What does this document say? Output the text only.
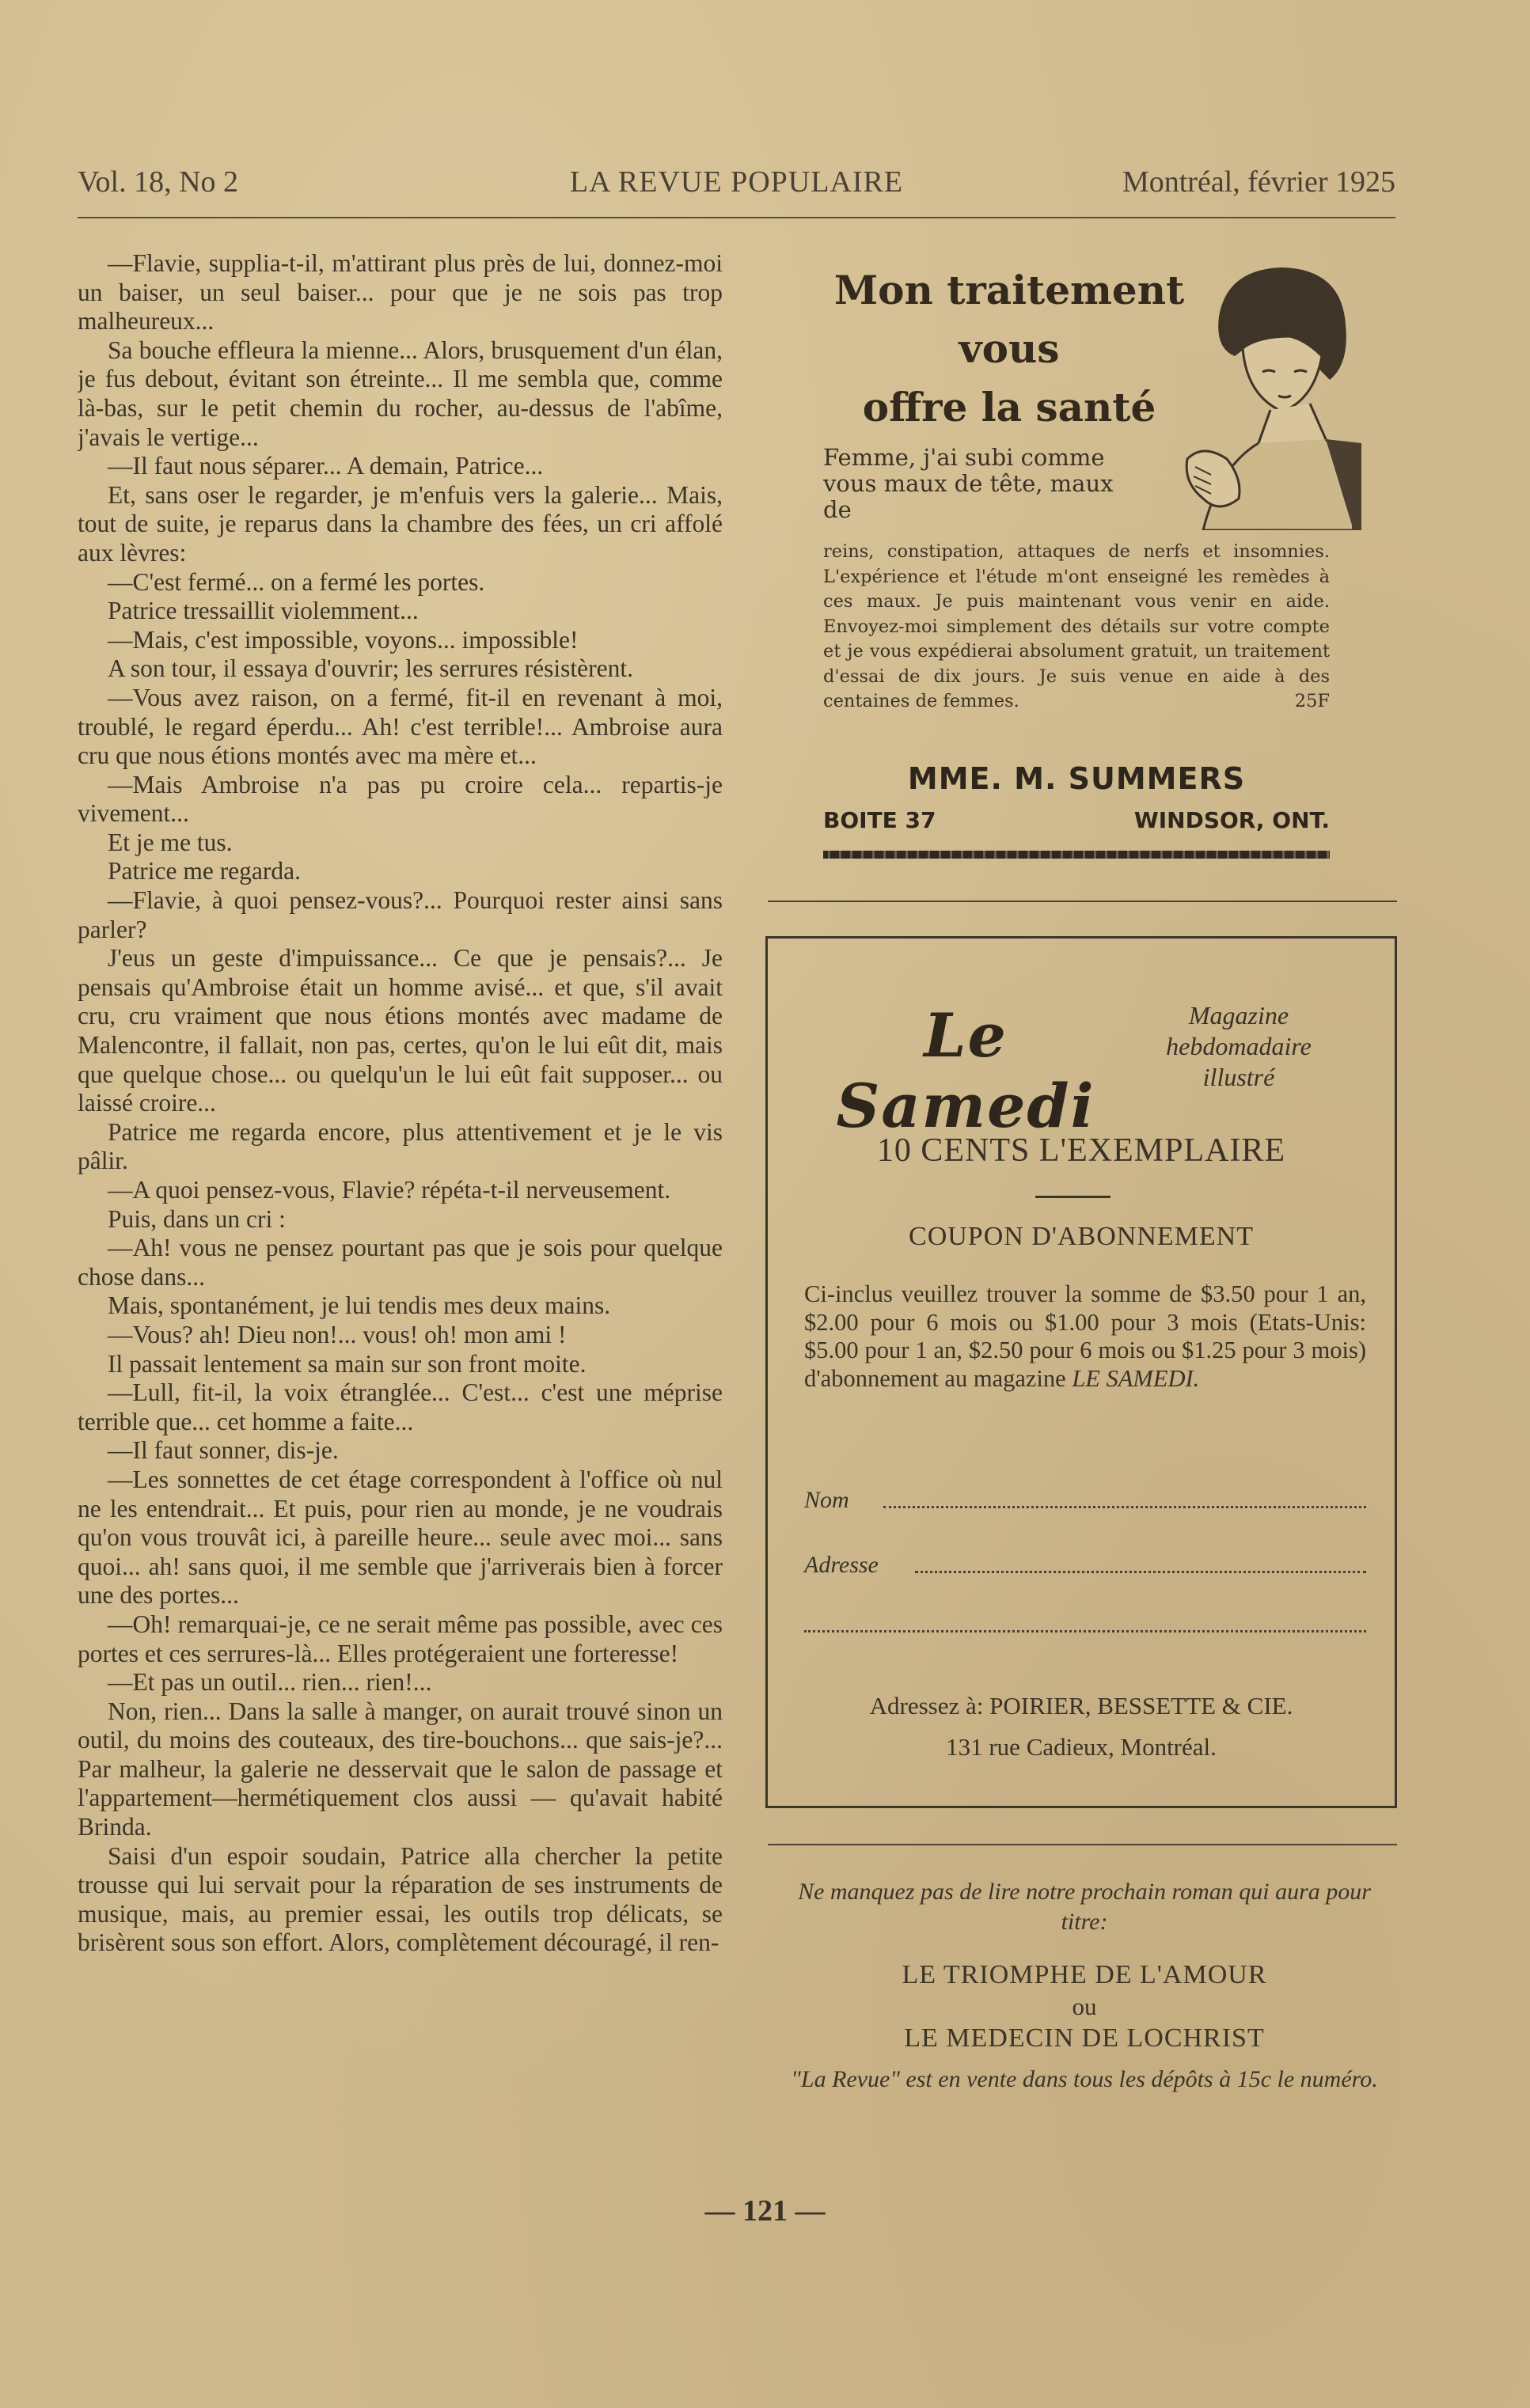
Vol. 18, No 2	LA REVUE POPULAIRE	Montréal, février 1925

—Flavie, supplia-t-il, m'attirant plus près de lui, donnez-moi un baiser, un seul baiser... pour que je ne sois pas trop malheureux...

Sa bouche effleura la mienne... Alors, brusquement d'un élan, je fus debout, évitant son étreinte... Il me sembla que, comme là-bas, sur le petit chemin du rocher, au-dessus de l'abîme, j'avais le vertige...

—Il faut nous séparer... A demain, Patrice...

Et, sans oser le regarder, je m'enfuis vers la galerie... Mais, tout de suite, je reparus dans la chambre des fées, un cri affolé aux lèvres:

—C'est fermé... on a fermé les portes.

Patrice tressaillit violemment...

—Mais, c'est impossible, voyons... impossible!

A son tour, il essaya d'ouvrir; les serrures résistèrent.

—Vous avez raison, on a fermé, fit-il en revenant à moi, troublé, le regard éperdu... Ah! c'est terrible!... Ambroise aura cru que nous étions montés avec ma mère et...

—Mais Ambroise n'a pas pu croire cela... repartis-je vivement...

Et je me tus.

Patrice me regarda.

—Flavie, à quoi pensez-vous?... Pourquoi rester ainsi sans parler?

J'eus un geste d'impuissance... Ce que je pensais?... Je pensais qu'Ambroise était un homme avisé... et que, s'il avait cru, cru vraiment que nous étions montés avec madame de Malencontre, il fallait, non pas, certes, qu'on le lui eût dit, mais que quelque chose... ou quelqu'un le lui eût fait supposer... ou laissé croire...

Patrice me regarda encore, plus attentivement et je le vis pâlir.

—A quoi pensez-vous, Flavie? répéta-t-il nerveusement.

Puis, dans un cri :

—Ah! vous ne pensez pourtant pas que je sois pour quelque chose dans...

Mais, spontanément, je lui tendis mes deux mains.

—Vous? ah! Dieu non!... vous! oh! mon ami !

Il passait lentement sa main sur son front moite.

—Lull, fit-il, la voix étranglée... C'est... c'est une méprise terrible que... cet homme a faite...

—Il faut sonner, dis-je.

—Les sonnettes de cet étage correspondent à l'office où nul ne les entendrait... Et puis, pour rien au monde, je ne voudrais qu'on vous trouvât ici, à pareille heure... seule avec moi... sans quoi... ah! sans quoi, il me semble que j'arriverais bien à forcer une des portes...

—Oh! remarquai-je, ce ne serait même pas possible, avec ces portes et ces serrures-là... Elles protégeraient une forteresse!

—Et pas un outil... rien... rien!...

Non, rien... Dans la salle à manger, on aurait trouvé sinon un outil, du moins des couteaux, des tire-bouchons... que sais-je?... Par malheur, la galerie ne desservait que le salon de passage et l'appartement—hermétiquement clos aussi — qu'avait habité Brinda.

Saisi d'un espoir soudain, Patrice alla chercher la petite trousse qui lui servait pour la réparation de ses instruments de musique, mais, au premier essai, les outils trop délicats, se brisèrent sous son effort. Alors, complètement découragé, il ren-

Mon traitement
vous
offre la santé
Femme, j'ai subi comme vous maux de tête, maux de
reins, constipation, attaques de nerfs et insomnies. L'expérience et l'étude m'ont enseigné les remèdes à ces maux. Je puis maintenant vous venir en aide. Envoyez-moi simplement des détails sur votre compte et je vous expédierai absolument gratuit, un traitement d'essai de dix jours. Je suis venue en aide à des centaines de femmes.	25F
MME. M. SUMMERS
BOITE 37	WINDSOR, ONT.
Le Samedi
Magazine
hebdomadaire
illustré
10 CENTS L'EXEMPLAIRE
COUPON D'ABONNEMENT
Ci-inclus veuillez trouver la somme de $3.50 pour 1 an, $2.00 pour 6 mois ou $1.00 pour 3 mois (Etats-Unis: $5.00 pour 1 an, $2.50 pour 6 mois ou $1.25 pour 3 mois) d'abonnement au magazine LE SAMEDI.
Nom
Adresse
Adressez à: POIRIER, BESSETTE & CIE.
131 rue Cadieux, Montréal.
Ne manquez pas de lire notre prochain roman qui aura pour titre:
LE TRIOMPHE DE L'AMOUR
ou
LE MEDECIN DE LOCHRIST
"La Revue" est en vente dans tous les dépôts à 15c le numéro.
— 121 —
